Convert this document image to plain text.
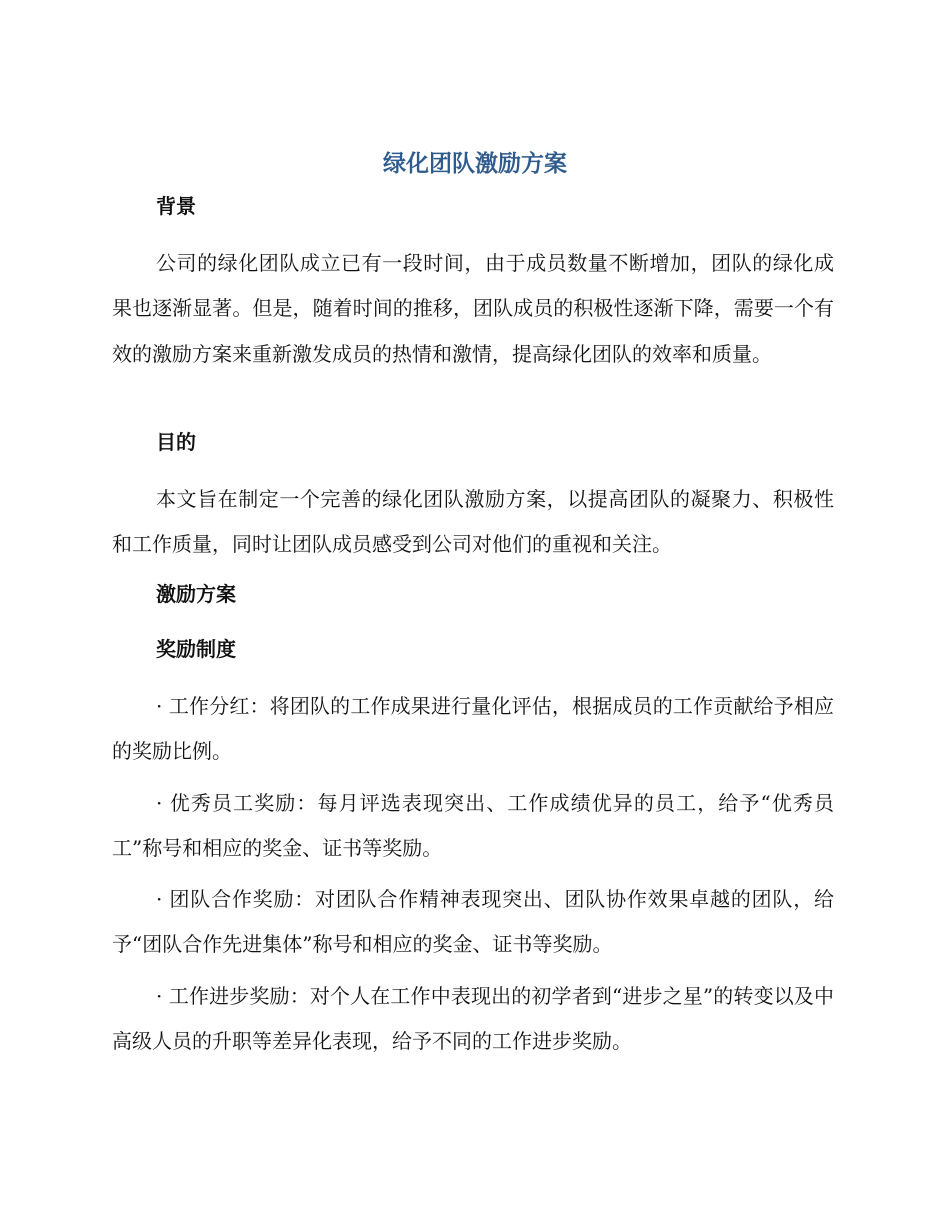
绿化团队激励方案
背景

公司的绿化团队成立已有一段时间，由于成员数量不断增加，团队的绿化成果也逐渐显著。但是，随着时间的推移，团队成员的积极性逐渐下降，需要一个有效的激励方案来重新激发成员的热情和激情，提高绿化团队的效率和质量。

目的

本文旨在制定一个完善的绿化团队激励方案，以提高团队的凝聚力、积极性和工作质量，同时让团队成员感受到公司对他们的重视和关注。

激励方案
奖励制度

· 工作分红：将团队的工作成果进行量化评估，根据成员的工作贡献给予相应的奖励比例。

· 优秀员工奖励：每月评选表现突出、工作成绩优异的员工，给予“优秀员工”称号和相应的奖金、证书等奖励。

· 团队合作奖励：对团队合作精神表现突出、团队协作效果卓越的团队，给予“团队合作先进集体”称号和相应的奖金、证书等奖励。

· 工作进步奖励：对个人在工作中表现出的初学者到“进步之星”的转变以及中高级人员的升职等差异化表现，给予不同的工作进步奖励。
